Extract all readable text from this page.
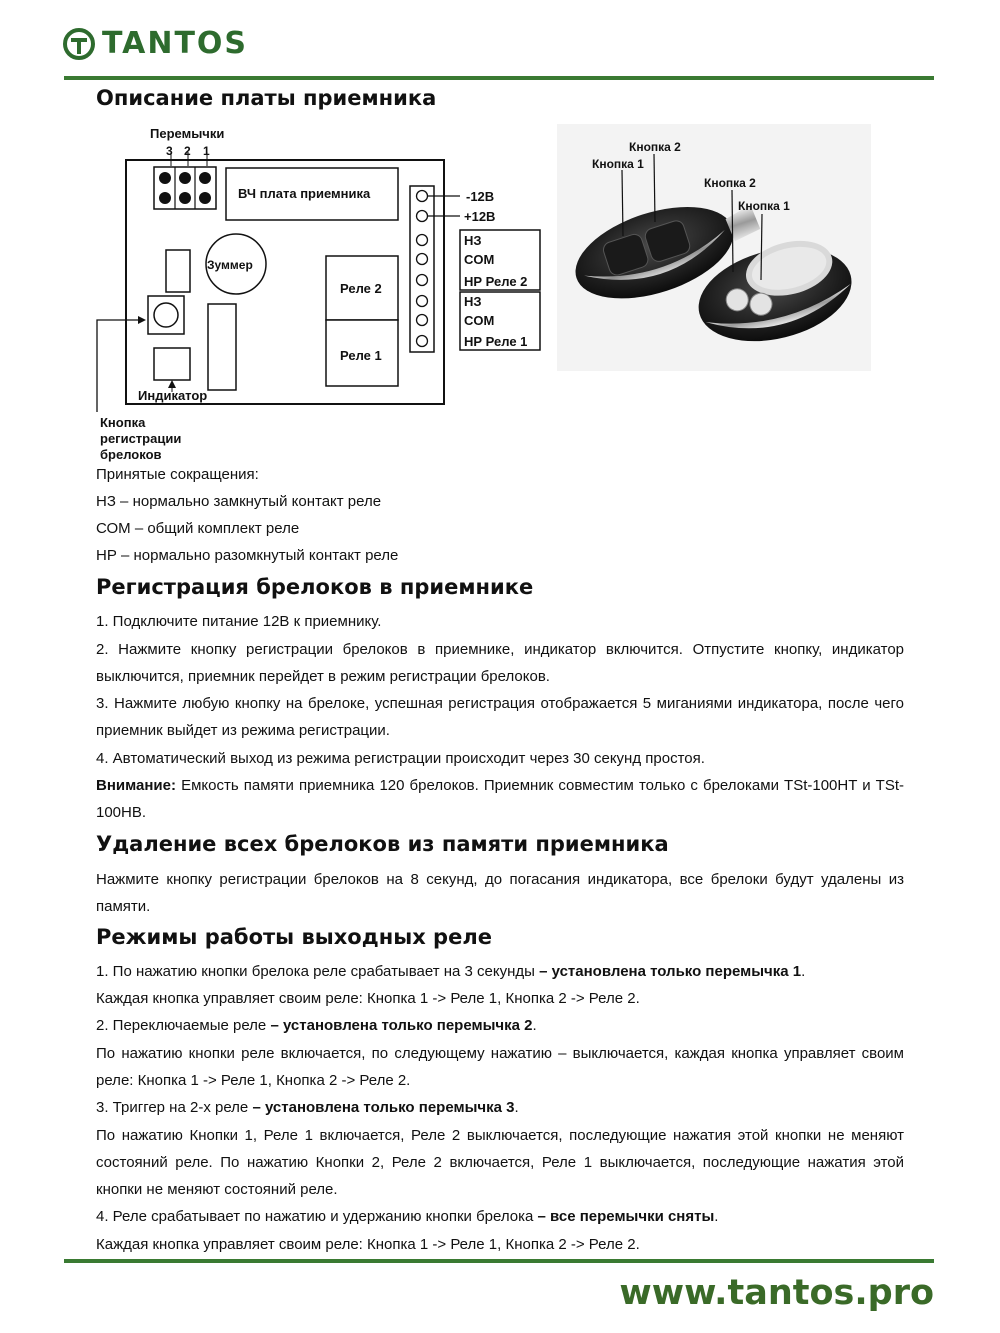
TANTOS
Описание платы приемника
Перемычки
3 2 1
ВЧ плата приемника
Зуммер
Реле 2
Реле 1
Индикатор
Кнопка
регистрации
брелоков
-12В
+12В
НЗ
COM
НР Реле 2
НЗ
COM
НР Реле 1
Кнопка 2
Кнопка 1
Кнопка 2
Кнопка 1

Принятые сокращения:

НЗ – нормально замкнутый контакт реле

СОМ – общий комплект реле

НР – нормально разомкнутый контакт реле

Регистрация брелоков в приемнике

1. Подключите питание 12В к приемнику.

2. Нажмите кнопку регистрации брелоков в приемнике, индикатор включится. Отпустите кнопку, индикатор выключится, приемник перейдет в режим регистрации брелоков.

3. Нажмите любую кнопку на брелоке, успешная регистрация отображается 5 миганиями индикатора, после чего приемник выйдет из режима регистрации.

4. Автоматический выход из режима регистрации происходит через 30 секунд простоя.

Внимание: Емкость памяти приемника 120 брелоков. Приемник совместим только с брелоками TSt-100HT и TSt-100HB.

Удаление всех брелоков из памяти приемника

Нажмите кнопку регистрации брелоков на 8 секунд, до погасания индикатора, все брелоки будут удалены из памяти.

Режимы работы выходных реле

1. По нажатию кнопки брелока реле срабатывает на 3 секунды – установлена только перемычка 1.

Каждая кнопка управляет своим реле: Кнопка 1 -> Реле 1, Кнопка 2 -> Реле 2.

2. Переключаемые реле – установлена только перемычка 2.

По нажатию кнопки реле включается, по следующему нажатию – выключается, каждая кнопка управляет своим реле: Кнопка 1 -> Реле 1, Кнопка 2 -> Реле 2.

3. Триггер на 2-х реле – установлена только перемычка 3.

По нажатию Кнопки 1, Реле 1 включается, Реле 2 выключается, последующие нажатия этой кнопки не меняют состояний реле. По нажатию Кнопки 2, Реле 2 включается, Реле 1 выключается, последующие нажатия этой кнопки не меняют состояний реле.

4. Реле срабатывает по нажатию и удержанию кнопки брелока – все перемычки сняты.

Каждая кнопка управляет своим реле: Кнопка 1 -> Реле 1, Кнопка 2 -> Реле 2.

www.tantos.pro
